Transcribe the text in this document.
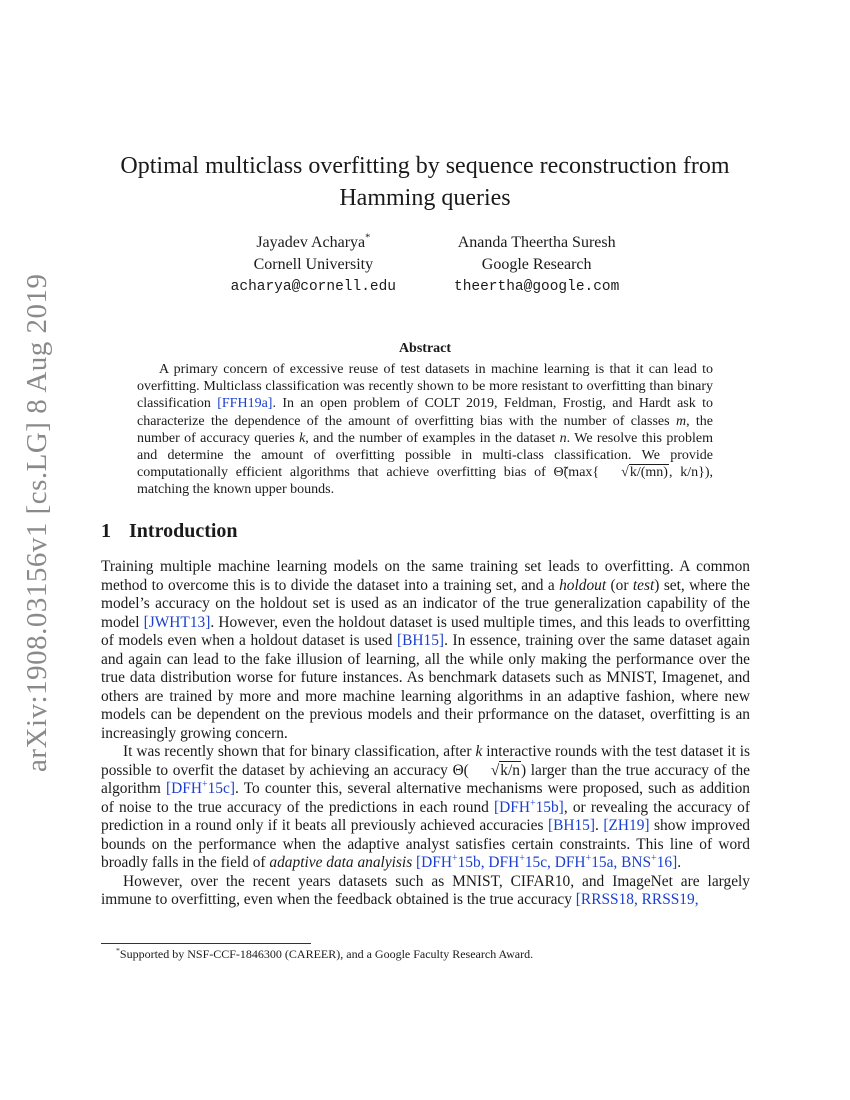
arXiv:1908.03156v1 [cs.LG] 8 Aug 2019
Optimal multiclass overfitting by sequence reconstruction from Hamming queries
Jayadev Acharya*
Cornell University
acharya@cornell.edu
Ananda Theertha Suresh
Google Research
theertha@google.com
Abstract
A primary concern of excessive reuse of test datasets in machine learning is that it can lead to overfitting. Multiclass classification was recently shown to be more resistant to overfitting than binary classification [FFH19a]. In an open problem of COLT 2019, Feldman, Frostig, and Hardt ask to characterize the dependence of the amount of overfitting bias with the number of classes m, the number of accuracy queries k, and the number of examples in the dataset n. We resolve this problem and determine the amount of overfitting possible in multi-class classification. We provide computationally efficient algorithms that achieve overfitting bias of Θ̃(max{ √k/(mn), k/n}), matching the known upper bounds.
1 Introduction

Training multiple machine learning models on the same training set leads to overfitting. A common method to overcome this is to divide the dataset into a training set, and a holdout (or test) set, where the model’s accuracy on the holdout set is used as an indicator of the true generalization capability of the model [JWHT13]. However, even the holdout dataset is used multiple times, and this leads to overfitting of models even when a holdout dataset is used [BH15]. In essence, training over the same dataset again and again can lead to the fake illusion of learning, all the while only making the performance over the true data distribution worse for future instances. As benchmark datasets such as MNIST, Imagenet, and others are trained by more and more machine learning algorithms in an adaptive fashion, where new models can be dependent on the previous models and their prformance on the dataset, overfitting is an increasingly growing concern.

It was recently shown that for binary classification, after k interactive rounds with the test dataset it is possible to overfit the dataset by achieving an accuracy Θ( √k/n) larger than the true accuracy of the algorithm [DFH+15c]. To counter this, several alternative mechanisms were proposed, such as addition of noise to the true accuracy of the predictions in each round [DFH+15b], or revealing the accuracy of prediction in a round only if it beats all previously achieved accuracies [BH15]. [ZH19] show improved bounds on the performance when the adaptive analyst satisfies certain constraints. This line of word broadly falls in the field of adaptive data analyisis [DFH+15b, DFH+15c, DFH+15a, BNS+16].

However, over the recent years datasets such as MNIST, CIFAR10, and ImageNet are largely immune to overfitting, even when the feedback obtained is the true accuracy [RRSS18, RRSS19,

*Supported by NSF-CCF-1846300 (CAREER), and a Google Faculty Research Award.
